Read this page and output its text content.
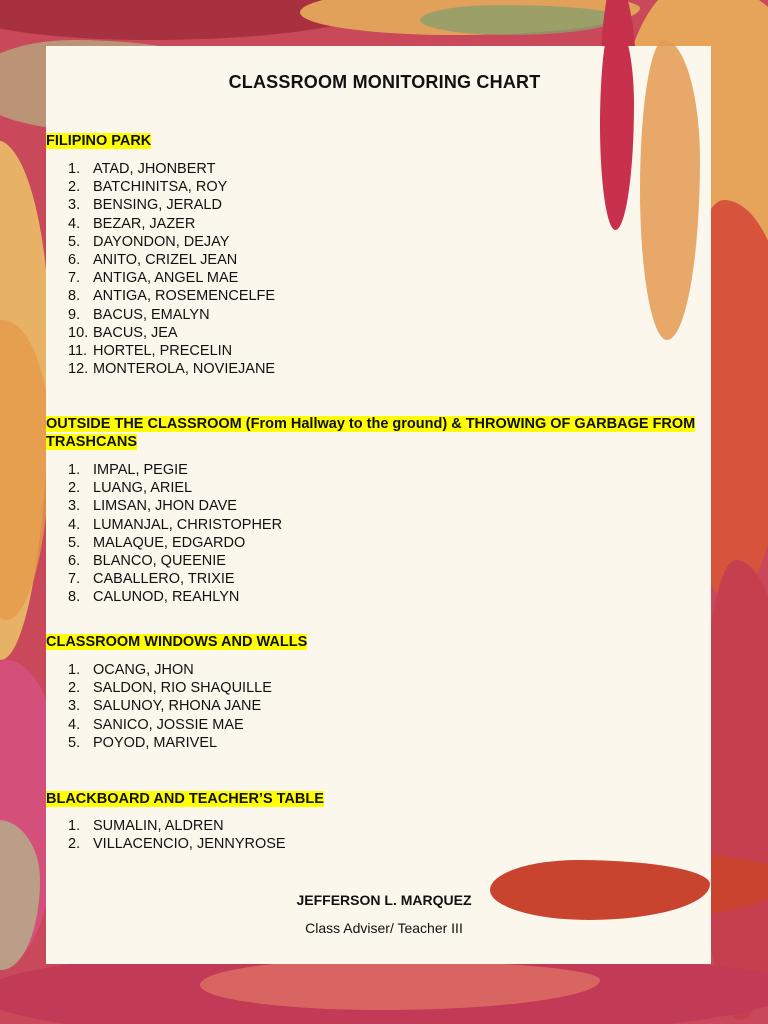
CLASSROOM MONITORING CHART
FILIPINO PARK
1. ATAD, JHONBERT
2. BATCHINITSA, ROY
3. BENSING, JERALD
4. BEZAR, JAZER
5. DAYONDON, DEJAY
6. ANITO, CRIZEL JEAN
7. ANTIGA, ANGEL MAE
8. ANTIGA, ROSEMENCELFE
9. BACUS, EMALYN
10. BACUS, JEA
11. HORTEL, PRECELIN
12. MONTEROLA, NOVIEJANE
OUTSIDE THE CLASSROOM (From Hallway to the ground) & THROWING OF GARBAGE FROM TRASHCANS
1. IMPAL, PEGIE
2. LUANG, ARIEL
3. LIMSAN, JHON DAVE
4. LUMANJAL, CHRISTOPHER
5. MALAQUE, EDGARDO
6. BLANCO, QUEENIE
7. CABALLERO, TRIXIE
8. CALUNOD, REAHLYN
CLASSROOM WINDOWS AND WALLS
1. OCANG, JHON
2. SALDON, RIO SHAQUILLE
3. SALUNOY, RHONA JANE
4. SANICO, JOSSIE MAE
5. POYOD, MARIVEL
BLACKBOARD AND TEACHER’S TABLE
1. SUMALIN, ALDREN
2. VILLACENCIO, JENNYROSE
JEFFERSON L. MARQUEZ
Class Adviser/ Teacher III
